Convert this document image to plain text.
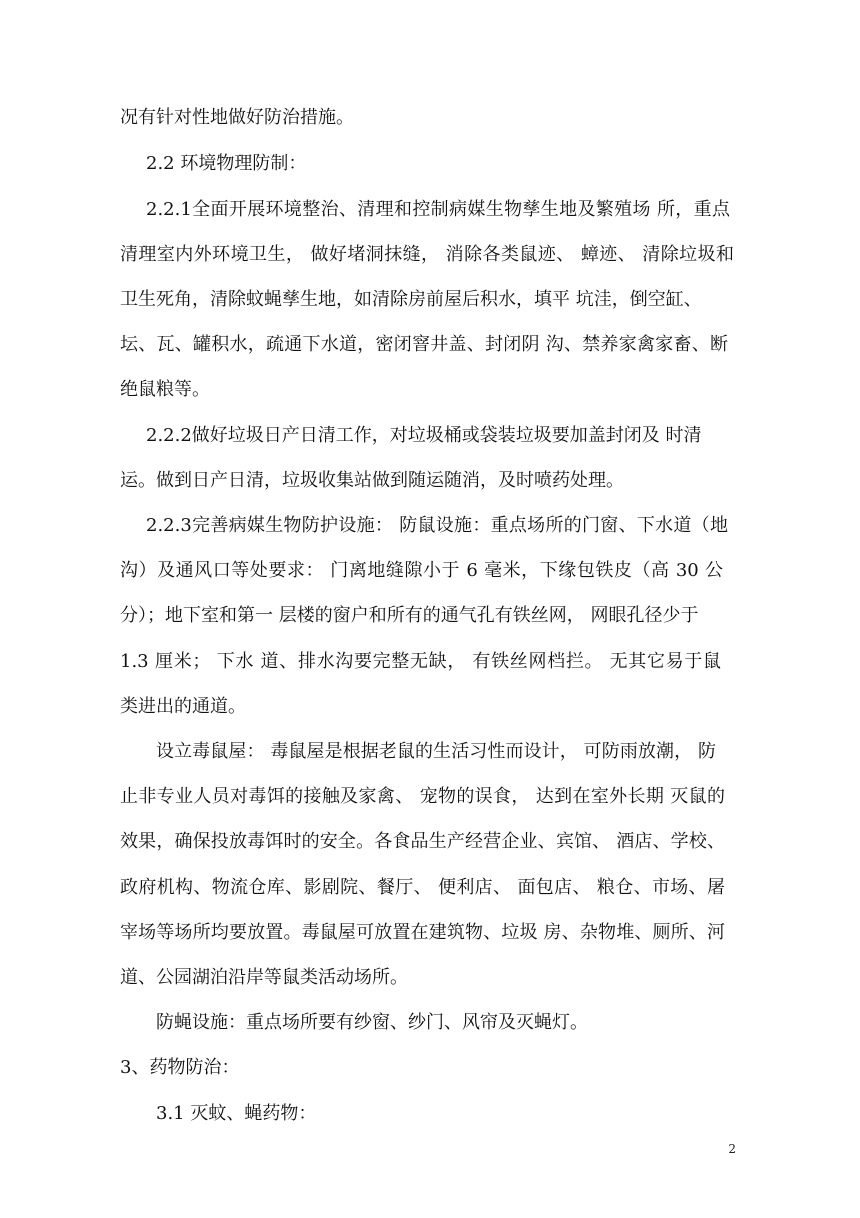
况有针对性地做好防治措施。
2.2 环境物理防制：
2.2.1全面开展环境整治、清理和控制病媒生物孳生地及繁殖场 所，重点
清理室内外环境卫生， 做好堵洞抹缝， 消除各类鼠迹、 蟑迹、 清除垃圾和
卫生死角，清除蚊蝇孳生地，如清除房前屋后积水，填平 坑洼，倒空缸、
坛、瓦、罐积水，疏通下水道，密闭窨井盖、封闭阴 沟、禁养家禽家畜、断
绝鼠粮等。
2.2.2做好垃圾日产日清工作，对垃圾桶或袋装垃圾要加盖封闭及 时清
运。做到日产日清，垃圾收集站做到随运随消，及时喷药处理。
2.2.3完善病媒生物防护设施： 防鼠设施：重点场所的门窗、下水道（地
沟）及通风口等处要求： 门离地缝隙小于 6 毫米，下缘包铁皮（高 30 公
分）；地下室和第一 层楼的窗户和所有的通气孔有铁丝网， 网眼孔径少于
1.3 厘米； 下水 道、排水沟要完整无缺， 有铁丝网档拦。 无其它易于鼠
类进出的通道。
设立毒鼠屋： 毒鼠屋是根据老鼠的生活习性而设计， 可防雨放潮， 防
止非专业人员对毒饵的接触及家禽、 宠物的误食， 达到在室外长期 灭鼠的
效果，确保投放毒饵时的安全。各食品生产经营企业、宾馆、 酒店、学校、
政府机构、物流仓库、影剧院、餐厅、 便利店、 面包店、 粮仓、市场、屠
宰场等场所均要放置。毒鼠屋可放置在建筑物、垃圾 房、杂物堆、厕所、河
道、公园湖泊沿岸等鼠类活动场所。
防蝇设施：重点场所要有纱窗、纱门、风帘及灭蝇灯。
3、药物防治：
3.1 灭蚊、蝇药物：
2
